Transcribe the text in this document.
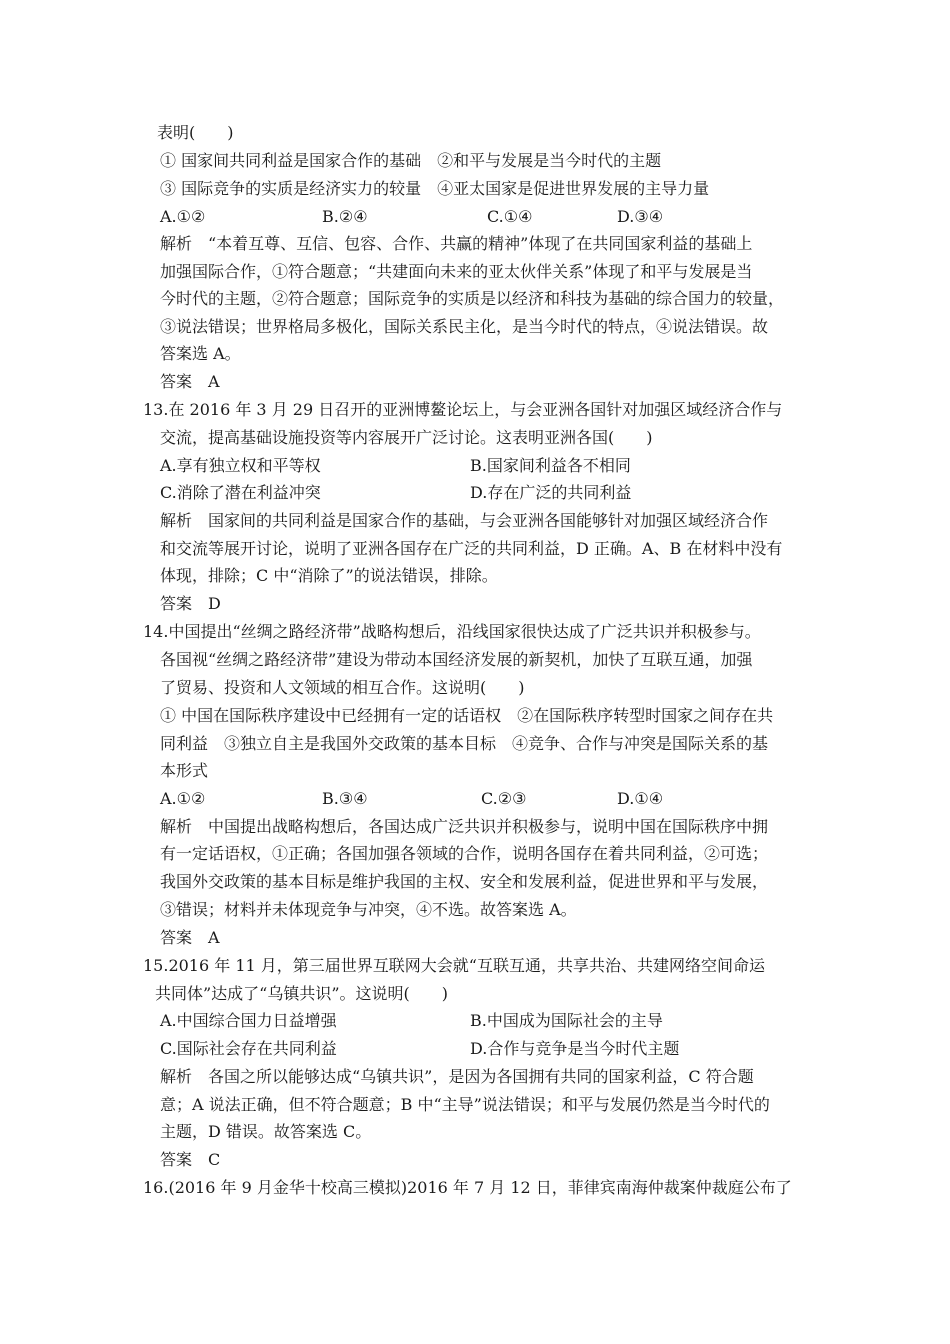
表明(　　)
① 国家间共同利益是国家合作的基础　②和平与发展是当今时代的主题
③ 国际竞争的实质是经济实力的较量　④亚太国家是促进世界发展的主导力量
A.①②	B.②④	C.①④	D.③④
解析　“本着互尊、互信、包容、合作、共赢的精神”体现了在共同国家利益的基础上
加强国际合作，①符合题意；“共建面向未来的亚太伙伴关系”体现了和平与发展是当
今时代的主题，②符合题意；国际竞争的实质是以经济和科技为基础的综合国力的较量，
③说法错误；世界格局多极化，国际关系民主化，是当今时代的特点，④说法错误。故
答案选 A。
答案　A
13.在 2016 年 3 月 29 日召开的亚洲博鳌论坛上，与会亚洲各国针对加强区域经济合作与
交流，提高基础设施投资等内容展开广泛讨论。这表明亚洲各国(　　)
A.享有独立权和平等权	B.国家间利益各不相同
C.消除了潜在利益冲突	D.存在广泛的共同利益
解析　国家间的共同利益是国家合作的基础，与会亚洲各国能够针对加强区域经济合作
和交流等展开讨论，说明了亚洲各国存在广泛的共同利益，D 正确。A、B 在材料中没有
体现，排除；C 中“消除了”的说法错误，排除。
答案　D
14.中国提出“丝绸之路经济带”战略构想后，沿线国家很快达成了广泛共识并积极参与。
各国视“丝绸之路经济带”建设为带动本国经济发展的新契机，加快了互联互通，加强
了贸易、投资和人文领域的相互合作。这说明(　　)
① 中国在国际秩序建设中已经拥有一定的话语权　②在国际秩序转型时国家之间存在共
同利益　③独立自主是我国外交政策的基本目标　④竞争、合作与冲突是国际关系的基
本形式
A.①②	B.③④	C.②③	D.①④
解析　中国提出战略构想后，各国达成广泛共识并积极参与，说明中国在国际秩序中拥
有一定话语权，①正确；各国加强各领域的合作，说明各国存在着共同利益，②可选；
我国外交政策的基本目标是维护我国的主权、安全和发展利益，促进世界和平与发展，
③错误；材料并未体现竞争与冲突，④不选。故答案选 A。
答案　A
15.2016 年 11 月，第三届世界互联网大会就“互联互通，共享共治、共建网络空间命运
共同体”达成了“乌镇共识”。这说明(　　)
A.中国综合国力日益增强	B.中国成为国际社会的主导
C.国际社会存在共同利益	D.合作与竞争是当今时代主题
解析　各国之所以能够达成“乌镇共识”，是因为各国拥有共同的国家利益，C 符合题
意；A 说法正确，但不符合题意；B 中“主导”说法错误；和平与发展仍然是当今时代的
主题，D 错误。故答案选 C。
答案　C
16.(2016 年 9 月金华十校高三模拟)2016 年 7 月 12 日，菲律宾南海仲裁案仲裁庭公布了
